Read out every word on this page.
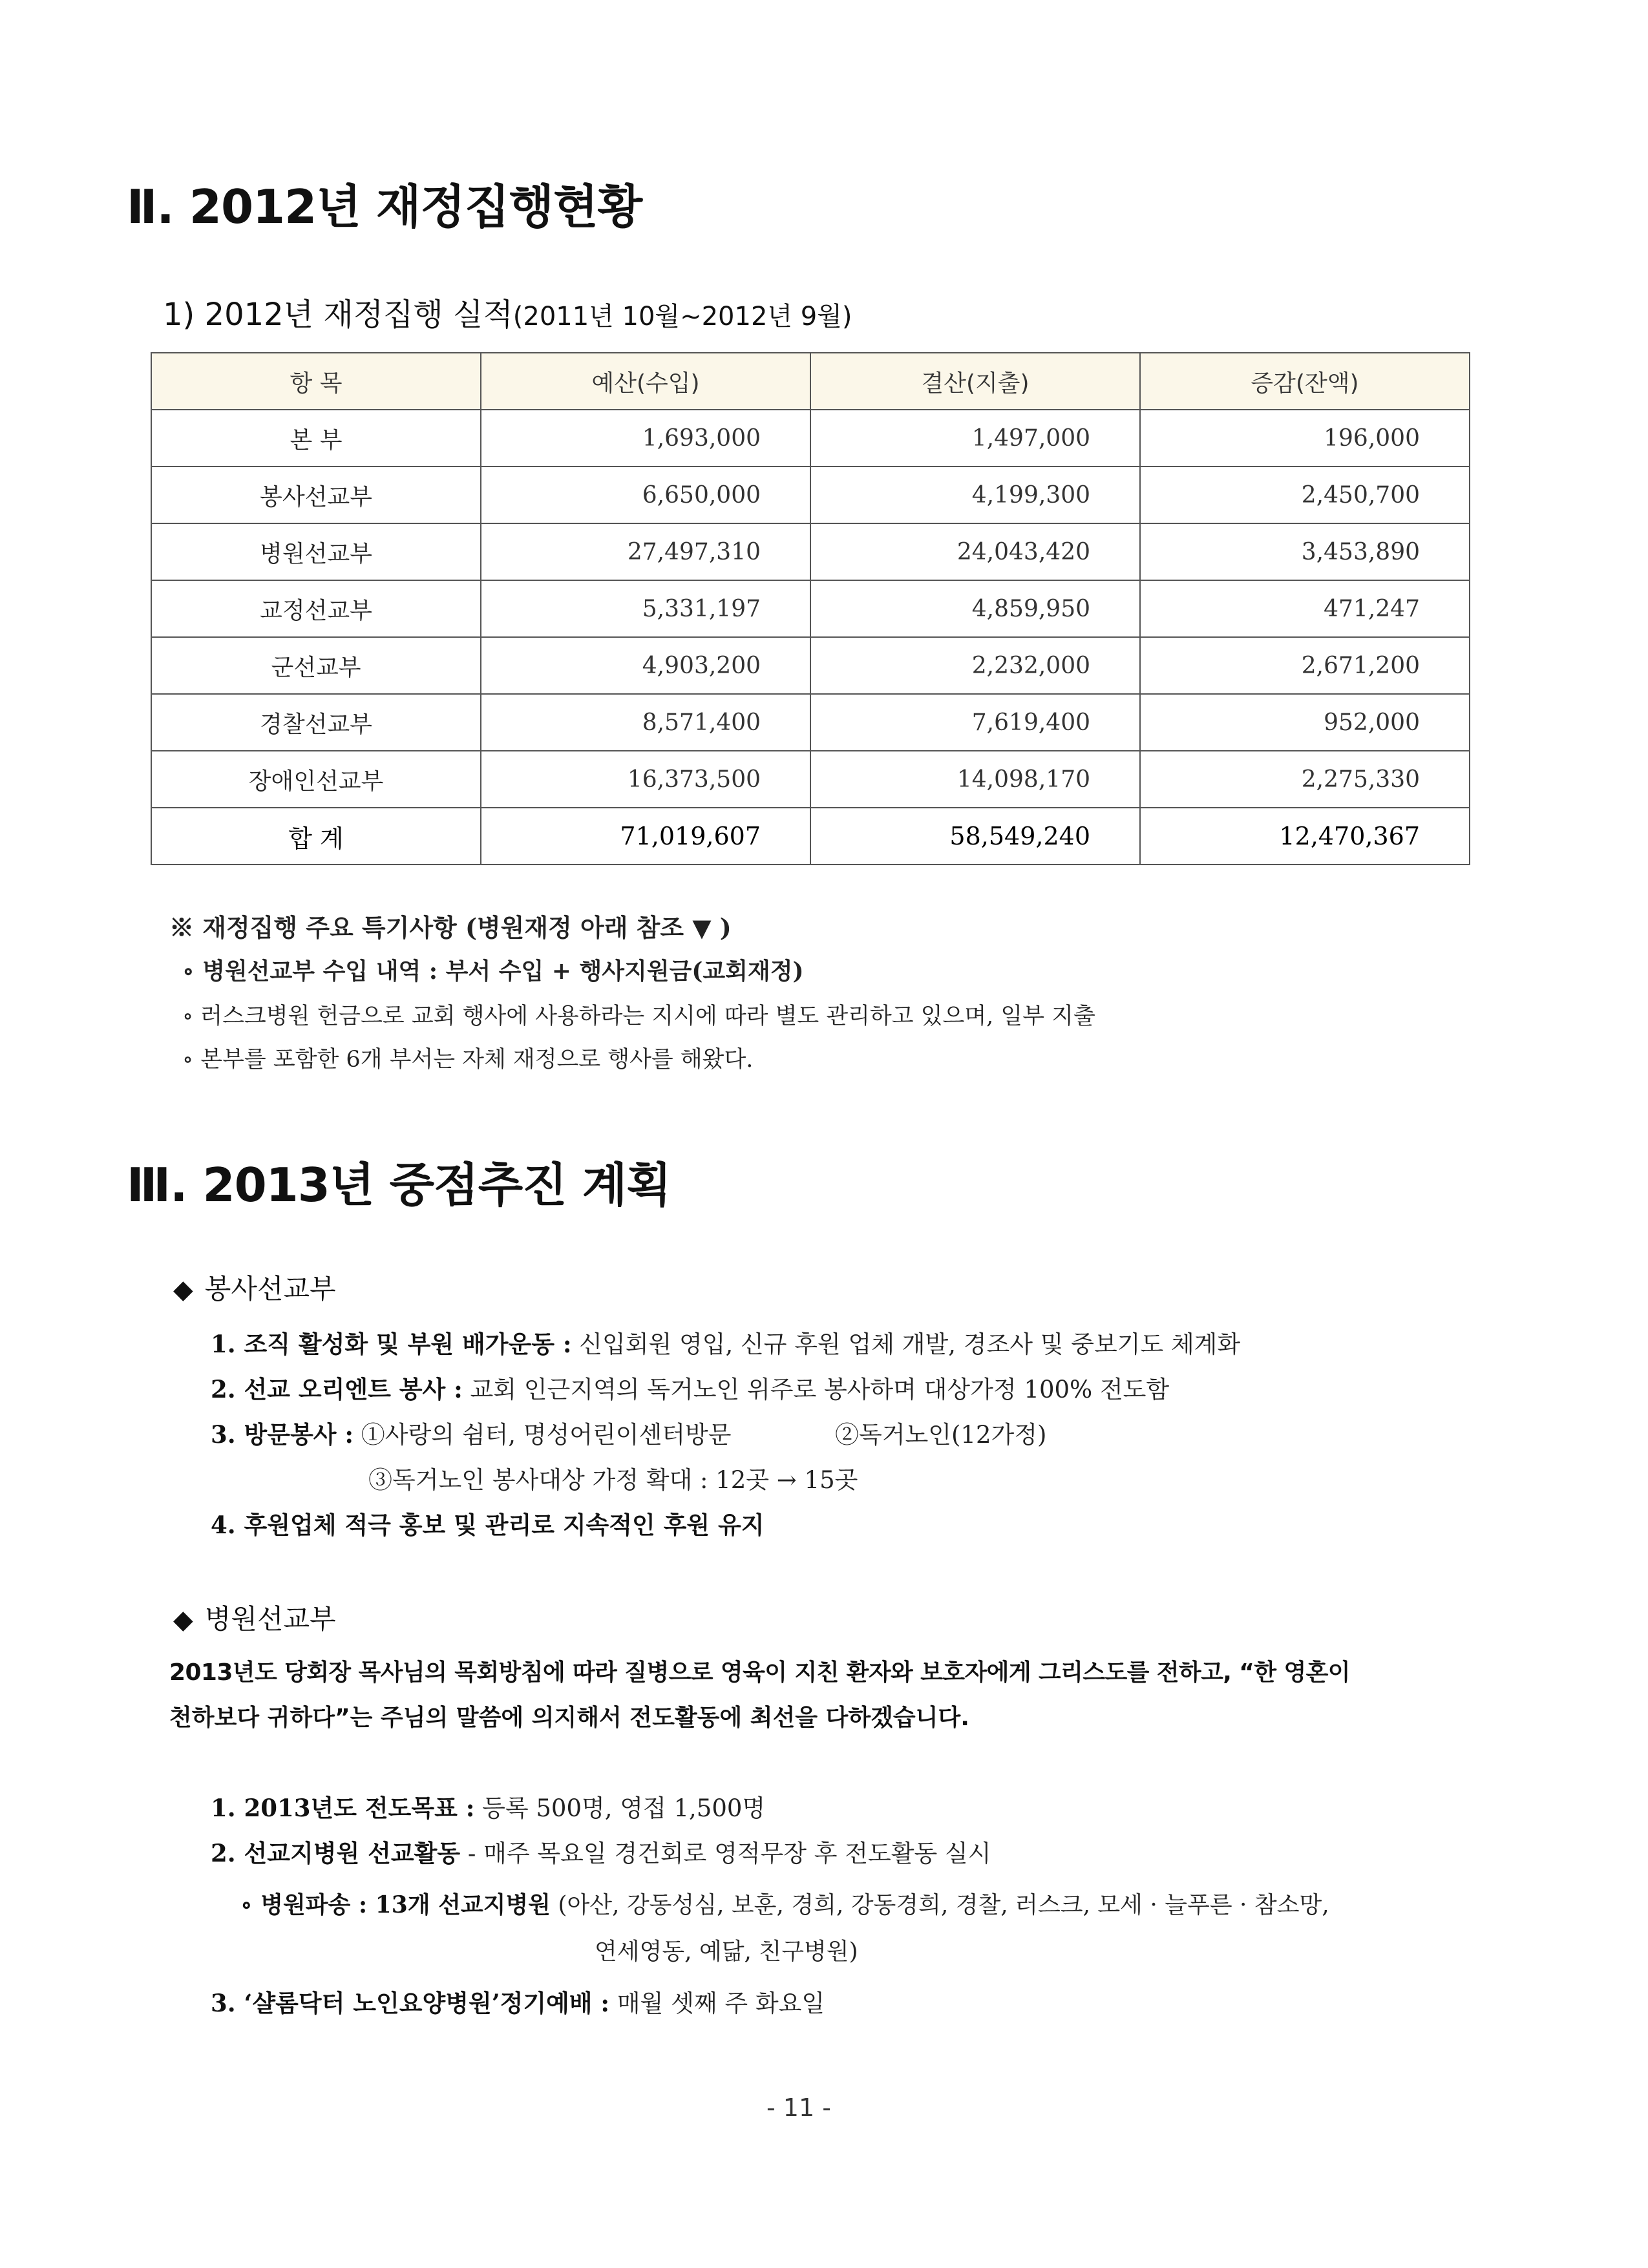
Ⅱ. 2012년 재정집행현황
1) 2012년 재정집행 실적(2011년 10월~2012년 9월)
항 목	예산(수입)	결산(지출)	증감(잔액)
본 부	1,693,000	1,497,000	196,000
봉사선교부	6,650,000	4,199,300	2,450,700
병원선교부	27,497,310	24,043,420	3,453,890
교정선교부	5,331,197	4,859,950	471,247
군선교부	4,903,200	2,232,000	2,671,200
경찰선교부	8,571,400	7,619,400	952,000
장애인선교부	16,373,500	14,098,170	2,275,330
합 계	71,019,607	58,549,240	12,470,367
※ 재정집행 주요 특기사항 (병원재정 아래 참조 ▼ )
∘ 병원선교부 수입 내역 : 부서 수입 + 행사지원금(교회재정)
∘ 러스크병원 헌금으로 교회 행사에 사용하라는 지시에 따라 별도 관리하고 있으며, 일부 지출
∘ 본부를 포함한 6개 부서는 자체 재정으로 행사를 해왔다.
Ⅲ. 2013년 중점추진 계획
◆ 봉사선교부
1. 조직 활성화 및 부원 배가운동 : 신입회원 영입, 신규 후원 업체 개발, 경조사 및 중보기도 체계화
2. 선교 오리엔트 봉사 : 교회 인근지역의 독거노인 위주로 봉사하며 대상가정 100% 전도함
3. 방문봉사 : ①사랑의 쉼터, 명성어린이센터방문	②독거노인(12가정)
③독거노인 봉사대상 가정 확대 : 12곳 → 15곳
4. 후원업체 적극 홍보 및 관리로 지속적인 후원 유지
◆ 병원선교부
2013년도 당회장 목사님의 목회방침에 따라 질병으로 영육이 지친 환자와 보호자에게 그리스도를 전하고, “한 영혼이
천하보다 귀하다”는 주님의 말씀에 의지해서 전도활동에 최선을 다하겠습니다.
1. 2013년도 전도목표 : 등록 500명, 영접 1,500명
2. 선교지병원 선교활동 - 매주 목요일 경건회로 영적무장 후 전도활동 실시
∘ 병원파송 : 13개 선교지병원 (아산, 강동성심, 보훈, 경희, 강동경희, 경찰, 러스크, 모세 · 늘푸른 · 참소망,
연세영동, 예닮, 친구병원)
3. ‘샬롬닥터 노인요양병원’정기예배 : 매월 셋째 주 화요일
- 11 -
